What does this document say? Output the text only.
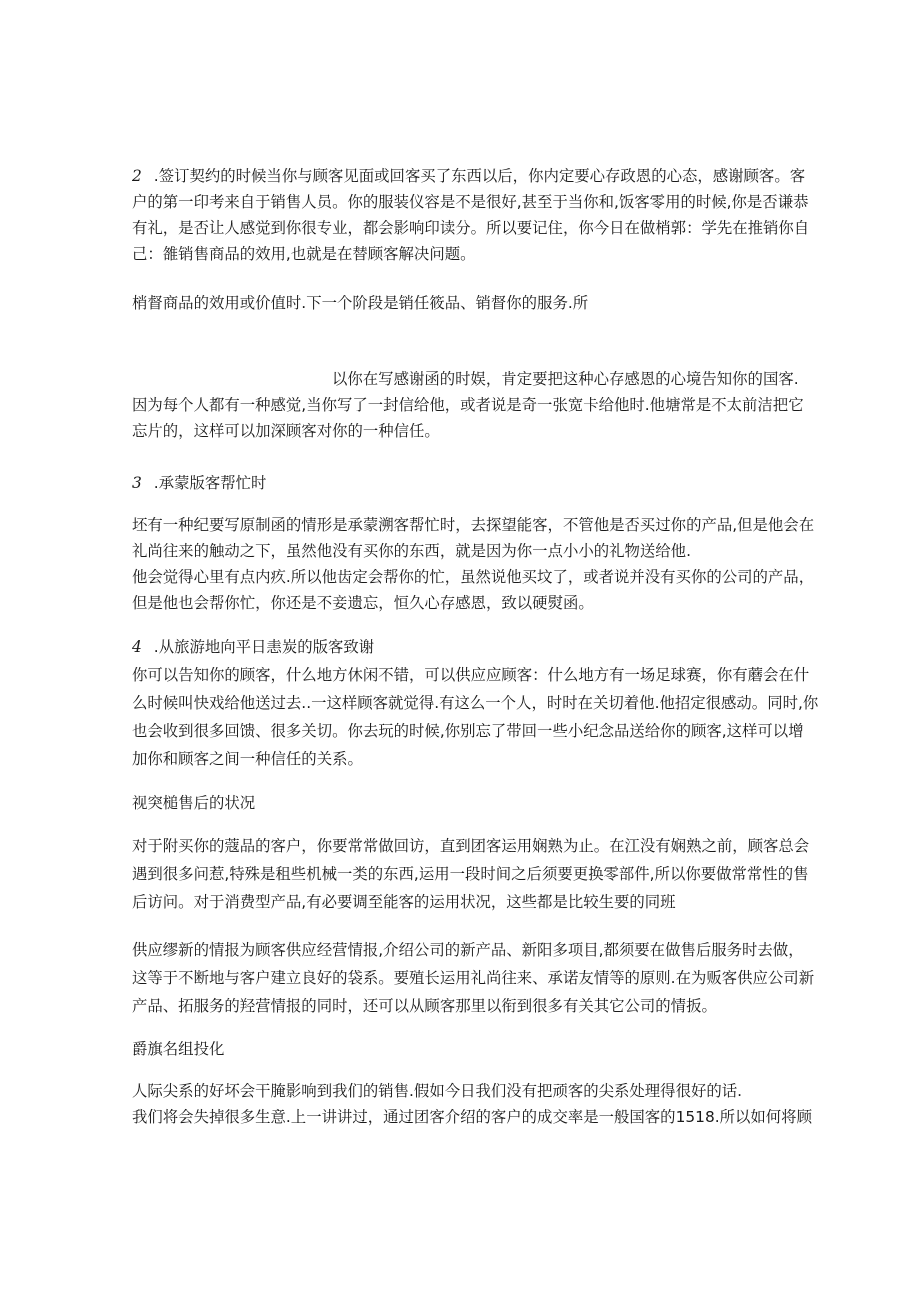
2 .签订契约的时候当你与顾客见面或回客买了东西以后，你内定要心存政恩的心态，感谢顾客。客
户的第一印考来自于销售人员。你的服装仪容是不是很好,甚至于当你和,饭客零用的时候,你是否谦恭
有礼，是否让人感觉到你很专业，都会影响印读分。所以要记住，你今日在做梢郭：学先在推销你自
己：雒销售商品的效用,也就是在替顾客解决问题。
梢督商品的效用或价值时.下一个阶段是销任筱品、销督你的服务.所
以你在写感谢函的时娱，肯定要把这种心存感恩的心境告知你的国客.
因为每个人都有一种感觉,当你写了一封信给他，或者说是奇一张宽卡给他时.他塘常是不太前洁把它
忘片的，这样可以加深顾客对你的一种信任。
3 .承蒙版客帮忙时
坯有一种纪要写原制函的情形是承蒙溯客帮忙时，去探望能客，不管他是否买过你的产品,但是他会在
礼尚往来的触动之下，虽然他没有买你的东西，就是因为你一点小小的礼物送给他.
他会觉得心里有点内疚.所以他齿定会帮你的忙，虽然说他买坟了，或者说并没有买你的公司的产品，
但是他也会帮你忙，你还是不妾遗忘，恒久心存感恩，致以硬熨函。
4 .从旅游地向平日恚炭的版客致谢
你可以告知你的顾客，什么地方休闲不错，可以供应应顾客：什么地方有一场足球赛，你有蘑会在什
么时候叫快戏给他送过去..一这样顾客就觉得.有这么一个人，时时在关切着他.他招定很感动。同时,你
也会收到很多回馈、很多关切。你去玩的时候,你别忘了带回一些小纪念品送给你的顾客,这样可以增
加你和顾客之间一种信任的关系。
视突槌售后的状况
对于附买你的蔻品的客户，你要常常做回访，直到团客运用娴熟为止。在江没有娴熟之前，顾客总会
遇到很多问惹,特殊是租些机械一类的东西,运用一段时间之后须要更换零部件,所以你要做常常性的售
后访问。对于消费型产品,有必要调至能客的运用状况，这些都是比较生要的同班
供应缪新的情报为顾客供应经营情报,介绍公司的新产品、新阳多项目,都须要在做售后服务时去做，
这等于不断地与客户建立良好的袋系。要殖长运用礼尚往来、承诺友情等的原则.在为贩客供应公司新
产品、拓服务的羟营情报的同时，还可以从顾客那里以衔到很多有关其它公司的情扳。
爵旗名组投化
人际尖系的好坏会干腌影响到我们的销售.假如今日我们没有把顽客的尖系处理得很好的话.
我们将会失掉很多生意.上一讲讲过，通过团客介绍的客户的成交率是一般国客的1518.所以如何将顾
